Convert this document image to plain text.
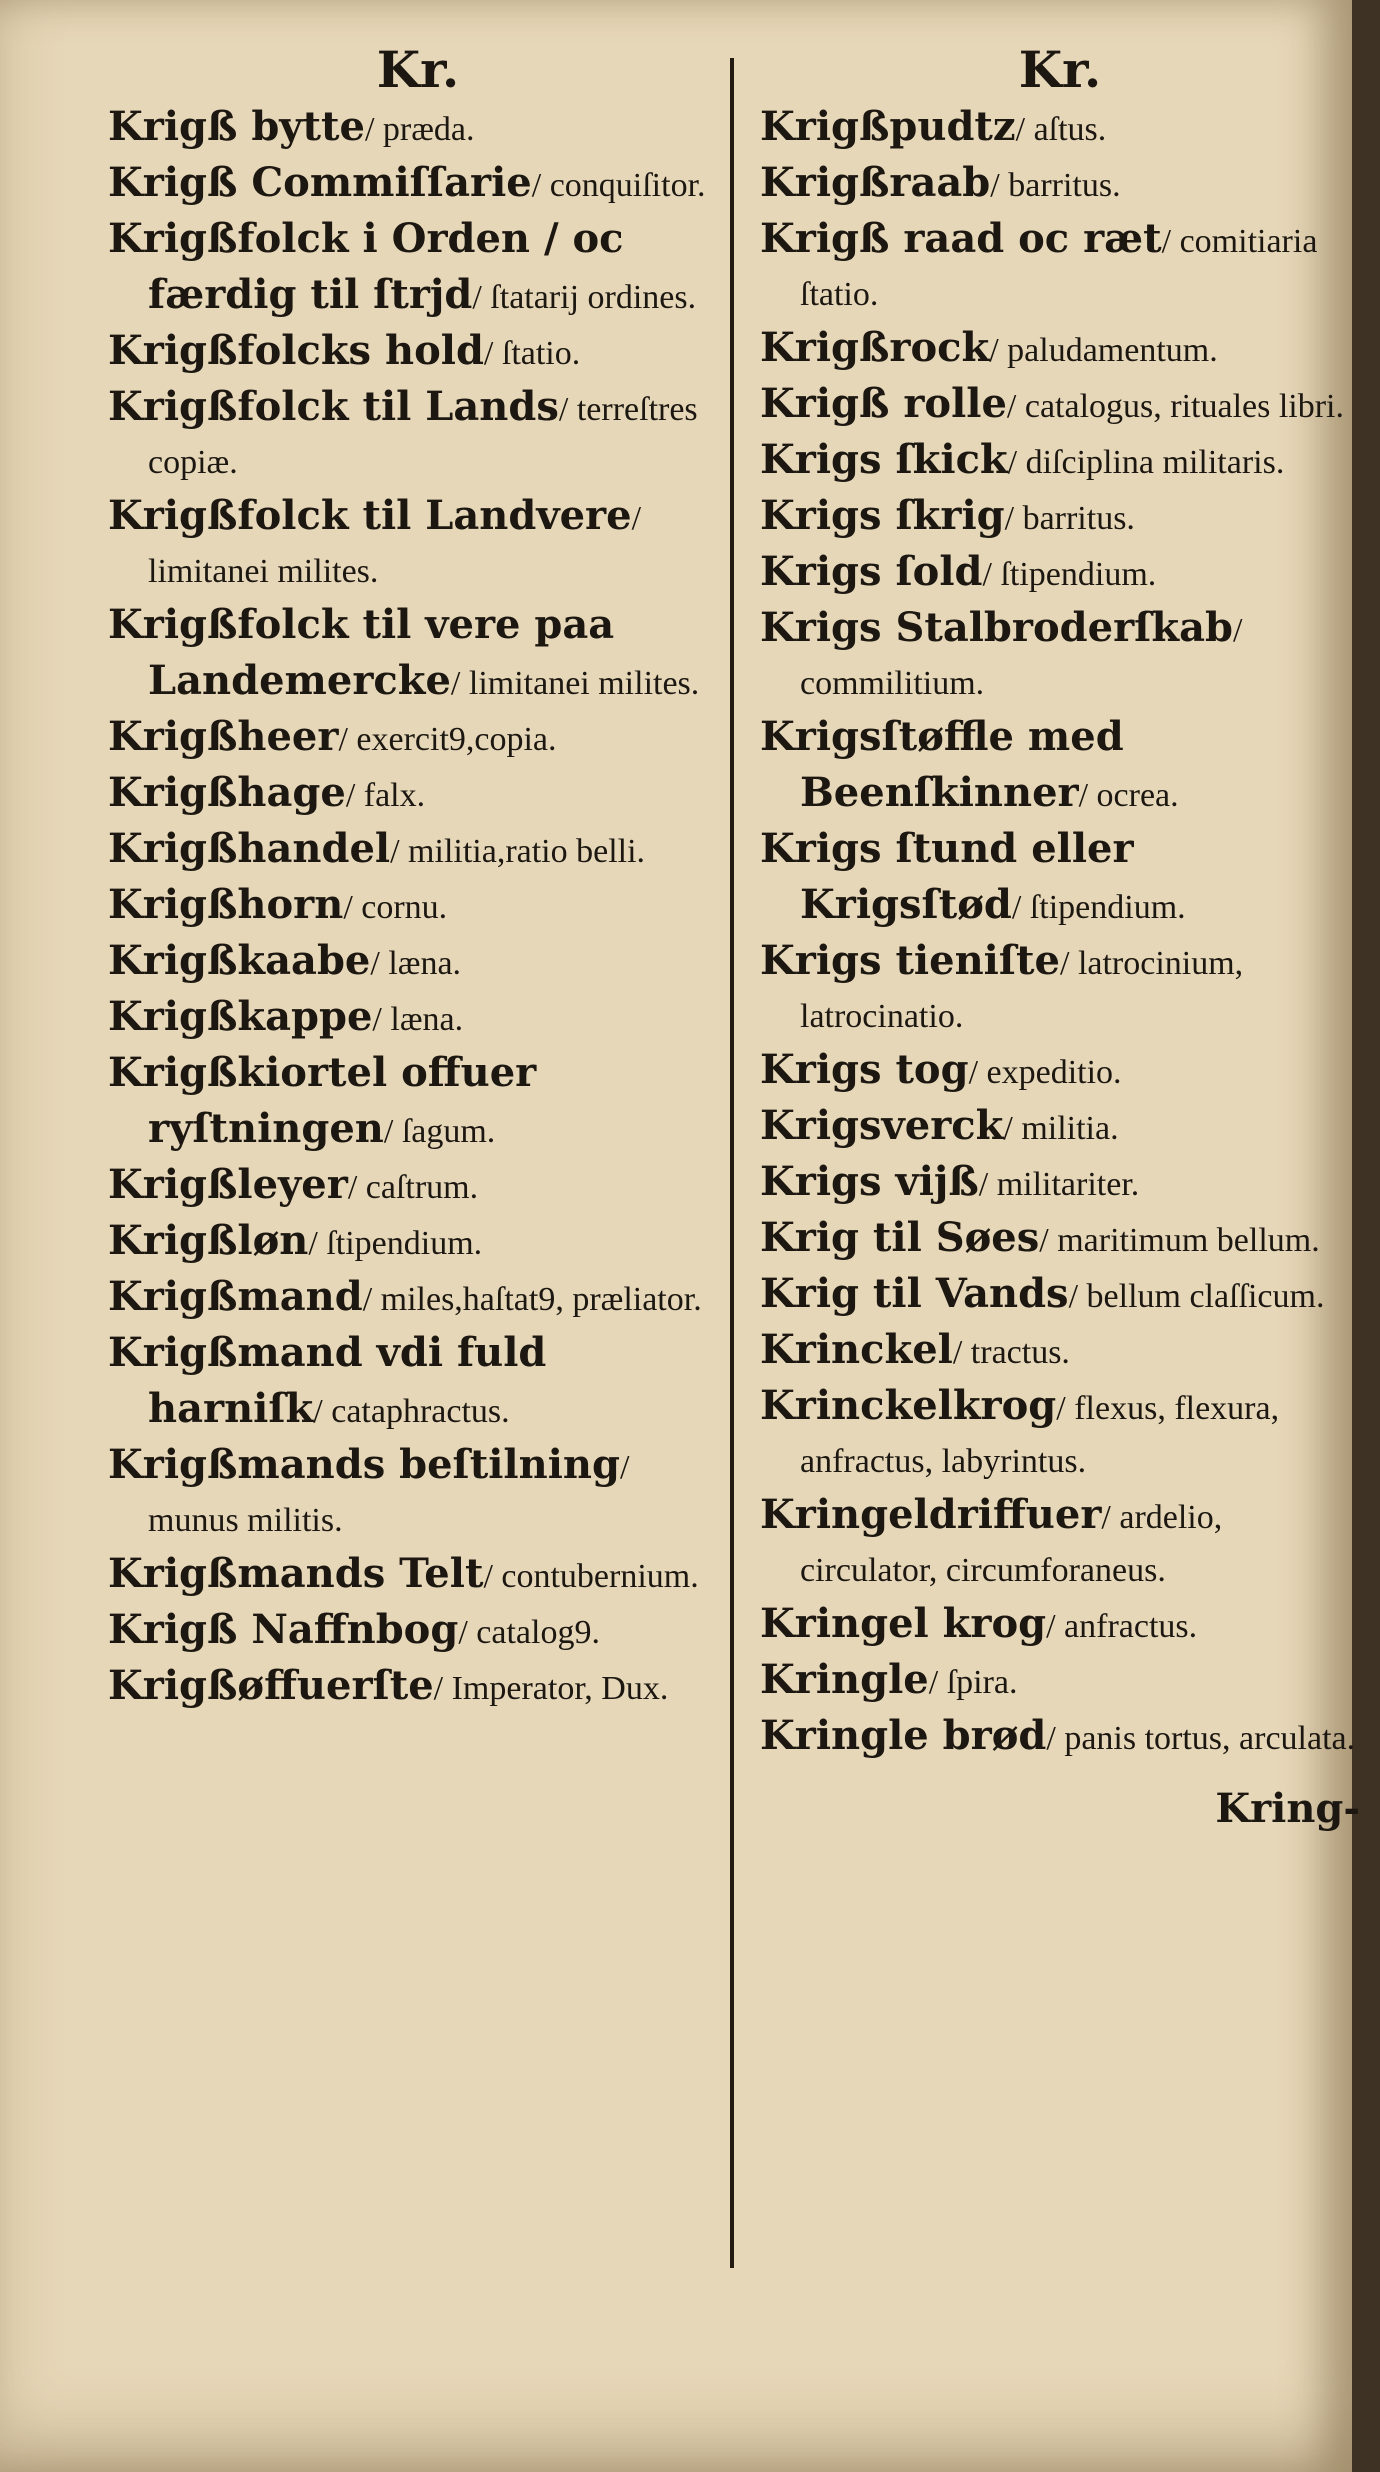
Kr.
Krigß bytte/ præda.
Krigß Commiſſarie/ conquiſitor.
Krigßfolck i Orden / oc færdig til ſtrjd/ ſtatarij ordines.
Krigßfolcks hold/ ſtatio.
Krigßfolck til Lands/ terreſtres copiæ.
Krigßfolck til Landvere/ limitanei milites.
Krigßfolck til vere paa Landemercke/ limitanei milites.
Krigßheer/ exercit9,copia.
Krigßhage/ falx.
Krigßhandel/ militia,ratio belli.
Krigßhorn/ cornu.
Krigßkaabe/ læna.
Krigßkappe/ læna.
Krigßkiortel offuer ryſtningen/ ſagum.
Krigßleyer/ caſtrum.
Krigßløn/ ſtipendium.
Krigßmand/ miles,haſtat9, præliator.
Krigßmand vdi fuld harniſk/ cataphractus.
Krigßmands beſtilning/ munus militis.
Krigßmands Telt/ contubernium.
Krigß Naffnbog/ catalog9.
Krigßøffuerſte/ Imperator, Dux.
Kr.
Krigßpudtz/ aſtus.
Krigßraab/ barritus.
Krigß raad oc ræt/ comitiaria ſtatio.
Krigßrock/ paludamentum.
Krigß rolle/ catalogus, rituales libri.
Krigs ſkick/ diſciplina militaris.
Krigs ſkrig/ barritus.
Krigs ſold/ ſtipendium.
Krigs Stalbroderſkab/ commilitium.
Krigsſtøffle med Beenſkinner/ ocrea.
Krigs ſtund eller Krigsſtød/ ſtipendium.
Krigs tieniſte/ latrocinium, latrocinatio.
Krigs tog/ expeditio.
Krigsverck/ militia.
Krigs vijß/ militariter.
Krig til Søes/ maritimum bellum.
Krig til Vands/ bellum claſſicum.
Krinckel/ tractus.
Krinckelkrog/ flexus, flexura, anfractus, labyrintus.
Kringeldriffuer/ ardelio, circulator, circumforaneus.
Kringel krog/ anfractus.
Kringle/ ſpira.
Kringle brød/ panis tortus, arculata.
Kring-
